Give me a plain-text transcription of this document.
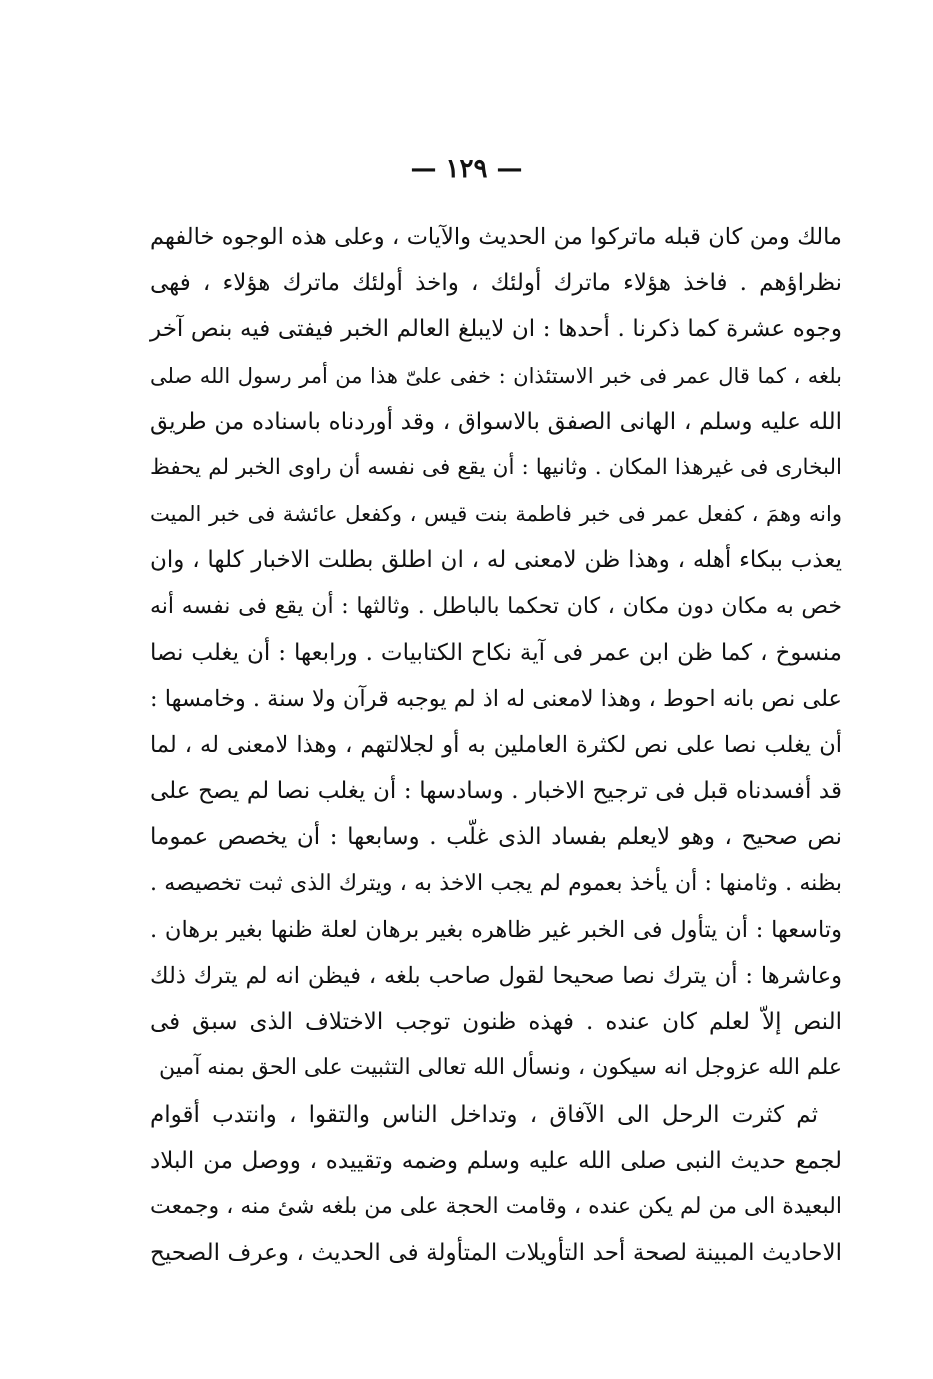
— ١٢٩ —
مالك ومن كان قبله ماتركوا من الحديث والآيات ، وعلى هذه الوجوه خالفهم
نظراؤهم . فاخذ هؤلاء ماترك أولئك ، واخذ أولئك ماترك هؤلاء ، فهى
وجوه عشرة كما ذكرنا . أحدها : ان لايبلغ العالم الخبر فيفتى فيه بنص آخر
بلغه ، كما قال عمر فى خبر الاستئذان : خفى علىّ هذا من أمر رسول الله صلى
الله عليه وسلم ، الهانى الصفق بالاسواق ، وقد أوردناه باسناده من طريق
البخارى فى غيرهذا المكان . وثانيها : أن يقع فى نفسه أن راوى الخبر لم يحفظ
وانه وهمَ ، كفعل عمر فى خبر فاطمة بنت قيس ، وكفعل عائشة فى خبر الميت
يعذب ببكاء أهله ، وهذا ظن لامعنى له ، ان اطلق بطلت الاخبار كلها ، وان
خص به مكان دون مكان ، كان تحكما بالباطل . وثالثها : أن يقع فى نفسه أنه
منسوخ ، كما ظن ابن عمر فى آية نكاح الكتابيات . ورابعها : أن يغلب نصا
على نص بانه احوط ، وهذا لامعنى له اذ لم يوجبه قرآن ولا سنة . وخامسها :
أن يغلب نصا على نص لكثرة العاملين به أو لجلالتهم ، وهذا لامعنى له ، لما
قد أفسدناه قبل فى ترجيح الاخبار . وسادسها : أن يغلب نصا لم يصح على
نص صحيح ، وهو لايعلم بفساد الذى غلّب . وسابعها : أن يخصص عموما
بظنه . وثامنها : أن يأخذ بعموم لم يجب الاخذ به ، ويترك الذى ثبت تخصيصه .
وتاسعها : أن يتأول فى الخبر غير ظاهره بغير برهان لعلة ظنها بغير برهان .
وعاشرها : أن يترك نصا صحيحا لقول صاحب بلغه ، فيظن انه لم يترك ذلك
النص إلاّ لعلم كان عنده . فهذه ظنون توجب الاختلاف الذى سبق فى
علم الله عزوجل انه سيكون ، ونسأل الله تعالى التثبيت على الحق بمنه آمين
ثم كثرت الرحل الى الآفاق ، وتداخل الناس والتقوا ، وانتدب أقوام
لجمع حديث النبى صلى الله عليه وسلم وضمه وتقييده ، ووصل من البلاد
البعيدة الى من لم يكن عنده ، وقامت الحجة على من بلغه شئ منه ، وجمعت
الاحاديث المبينة لصحة أحد التأويلات المتأولة فى الحديث ، وعرف الصحيح
